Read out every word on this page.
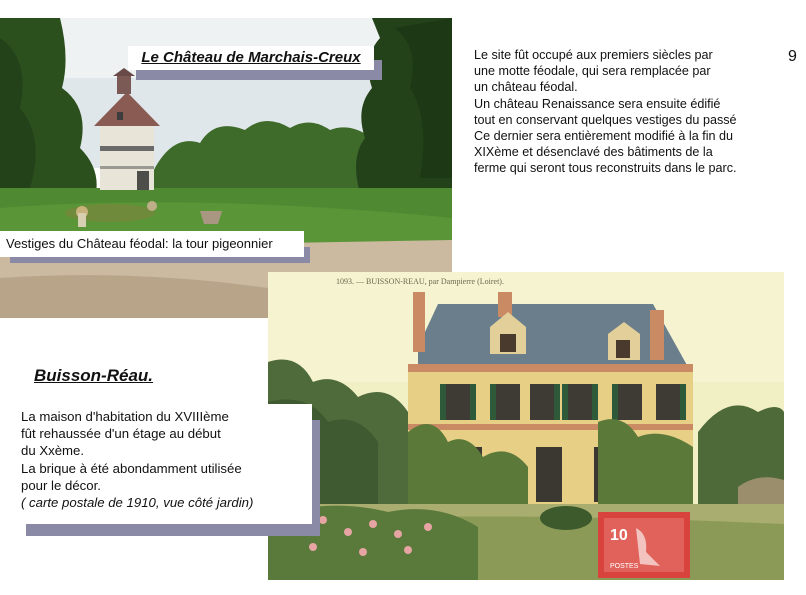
Le Château de Marchais-Creux
Vestiges du Château féodal: la tour pigeonnier
Le site fût occupé aux premiers siècles par
une motte féodale, qui sera remplacée par
un château féodal.
Un château Renaissance sera ensuite édifié
tout en conservant quelques vestiges du passé
Ce dernier sera entièrement modifié à la fin du
XIXème et désenclavé des bâtiments de la
ferme qui seront tous reconstruits dans le parc.
9
1093. — BUISSON-REAU, par Dampierre (Loiret).
10
POSTES
Buisson-Réau.
La maison d'habitation du XVIIIème
fût rehaussée d'un étage au début
du Xxème.
La brique à été abondamment utilisée
pour le décor.
( carte postale de 1910, vue côté jardin)
